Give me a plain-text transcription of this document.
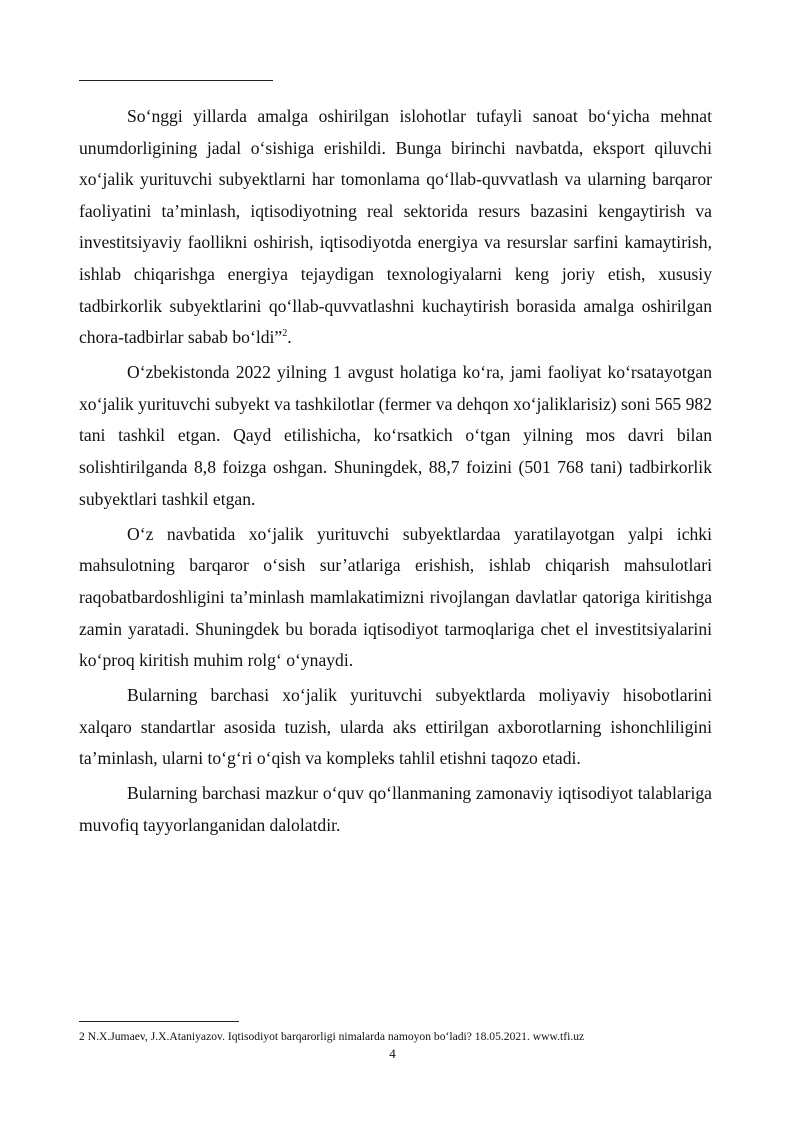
So‘nggi yillarda amalga oshirilgan islohotlar tufayli sanoat bo‘yicha mehnat unumdorligining jadal o‘sishiga erishildi. Bunga birinchi navbatda, eksport qiluvchi xo‘jalik yurituvchi subyektlarni har tomonlama qo‘llab-quvvatlash va ularning barqaror faoliyatini ta’minlash, iqtisodiyotning real sektorida resurs bazasini kengaytirish va investitsiyaviy faollikni oshirish, iqtisodiyotda energiya va resurslar sarfini kamaytirish, ishlab chiqarishga energiya tejaydigan texnologiyalarni keng joriy etish, xususiy tadbirkorlik subyektlarini qo‘llab-quvvatlashni kuchaytirish borasida amalga oshirilgan chora-tadbirlar sabab bo‘ldi”$^2$.

O‘zbekistonda 2022 yilning 1 avgust holatiga ko‘ra, jami faoliyat ko‘rsatayotgan xo‘jalik yurituvchi subyekt va tashkilotlar (fermer va dehqon xo‘jaliklarisiz) soni 565 982 tani tashkil etgan. Qayd etilishicha, ko‘rsatkich o‘tgan yilning mos davri bilan solishtirilganda 8,8 foizga oshgan. Shuningdek, 88,7 foizini (501 768 tani) tadbirkorlik subyektlari tashkil etgan.

O‘z navbatida xo‘jalik yurituvchi subyektlardaa yaratilayotgan yalpi ichki mahsulotning barqaror o‘sish sur’atlariga erishish, ishlab chiqarish mahsulotlari raqobatbardoshligini ta’minlash mamlakatimizni rivojlangan davlatlar qatoriga kiritishga zamin yaratadi. Shuningdek bu borada iqtisodiyot tarmoqlariga chet el investitsiyalarini ko‘proq kiritish muhim rolg‘ o‘ynaydi.

Bularning barchasi xo‘jalik yurituvchi subyektlarda moliyaviy hisobotlarini xalqaro standartlar asosida tuzish, ularda aks ettirilgan axborotlarning ishonchliligini ta’minlash, ularni to‘g‘ri o‘qish va kompleks tahlil etishni taqozo etadi.

Bularning barchasi mazkur o‘quv qo‘llanmaning zamonaviy iqtisodiyot talablariga muvofiq tayyorlanganidan dalolatdir.

2 N.X.Jumaev, J.X.Ataniyazov. Iqtisodiyot barqarorligi nimalarda namoyon bo‘ladi? 18.05.2021. www.tfi.uz
4
